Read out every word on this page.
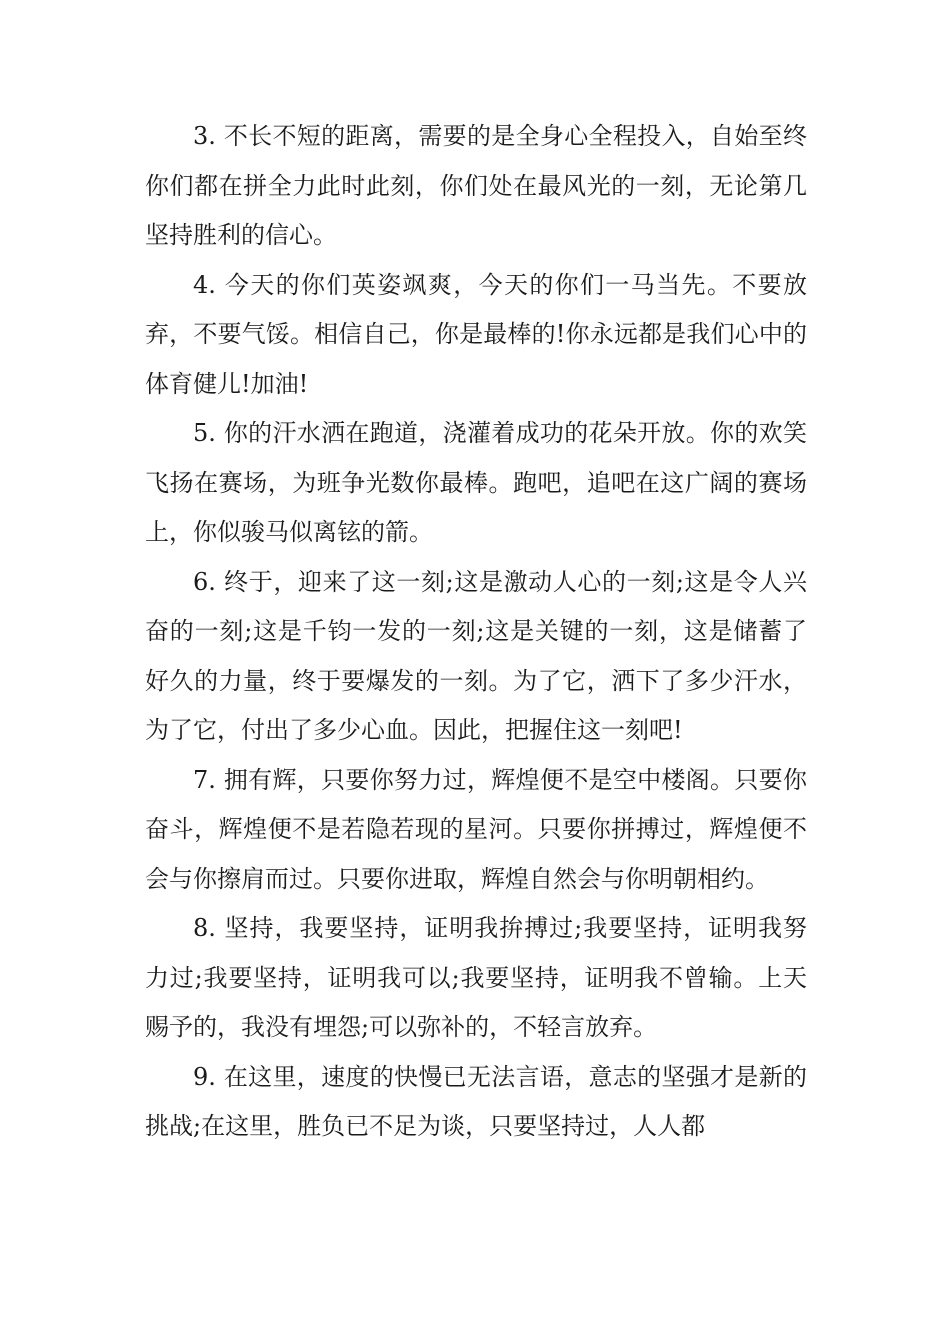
3. 不长不短的距离，需要的是全身心全程投入，自始至终你们都在拼全力此时此刻，你们处在最风光的一刻，无论第几坚持胜利的信心。

4. 今天的你们英姿飒爽，今天的你们一马当先。不要放弃，不要气馁。相信自己，你是最棒的!你永远都是我们心中的体育健儿!加油!

5. 你的汗水洒在跑道，浇灌着成功的花朵开放。你的欢笑飞扬在赛场，为班争光数你最棒。跑吧，追吧在这广阔的赛场上，你似骏马似离铉的箭。

6. 终于，迎来了这一刻;这是激动人心的一刻;这是令人兴奋的一刻;这是千钧一发的一刻;这是关键的一刻，这是储蓄了好久的力量，终于要爆发的一刻。为了它，洒下了多少汗水，为了它，付出了多少心血。因此，把握住这一刻吧!

7. 拥有辉，只要你努力过，辉煌便不是空中楼阁。只要你奋斗，辉煌便不是若隐若现的星河。只要你拼搏过，辉煌便不会与你擦肩而过。只要你进取，辉煌自然会与你明朝相约。

8. 坚持，我要坚持，证明我拚搏过;我要坚持，证明我努力过;我要坚持，证明我可以;我要坚持，证明我不曾输。上天赐予的，我没有埋怨;可以弥补的，不轻言放弃。

9. 在这里，速度的快慢已无法言语，意志的坚强才是新的挑战;在这里，胜负已不足为谈，只要坚持过，人人都
